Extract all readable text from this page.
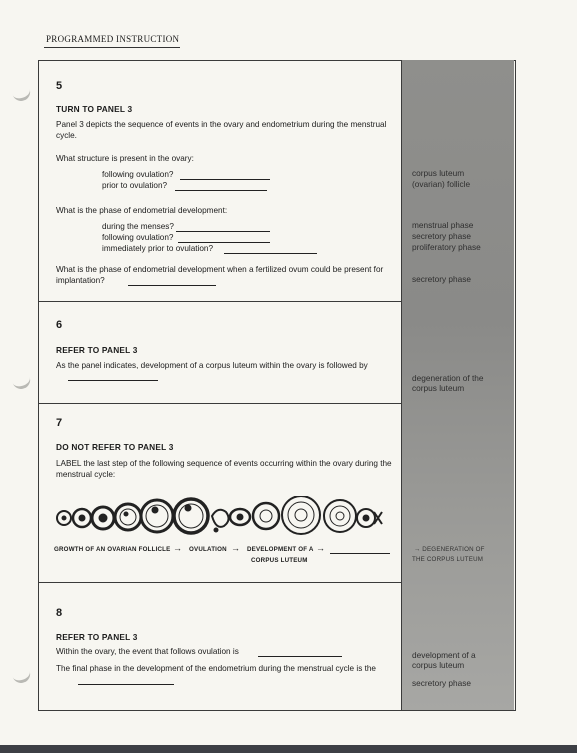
PROGRAMMED INSTRUCTION
5
TURN TO PANEL 3
Panel 3 depicts the sequence of events in the ovary and endometrium during the menstrual cycle.
What structure is present in the ovary:
following ovulation?
prior to ovulation?
What is the phase of endometrial development:
during the menses?
following ovulation?
immediately prior to ovulation?
What is the phase of endometrial development when a fertilized ovum could be present for implantation?
corpus luteum
(ovarian) follicle
menstrual phase
secretory phase
proliferatory phase
secretory phase
6
REFER TO PANEL 3
As the panel indicates, development of a corpus luteum within the ovary is followed by
degeneration of the corpus luteum
7
DO NOT REFER TO PANEL 3
LABEL the last step of the following sequence of events occurring within the ovary during the menstrual cycle:
GROWTH OF AN OVARIAN FOLLICLE → OVULATION → DEVELOPMENT OF A
CORPUS LUTEUM
→	→ DEGENERATION OF
THE CORPUS LUTEUM
8
REFER TO PANEL 3
Within the ovary, the event that follows ovulation is
The final phase in the development of the endometrium during the menstrual cycle is the
development of a corpus luteum
secretory phase
